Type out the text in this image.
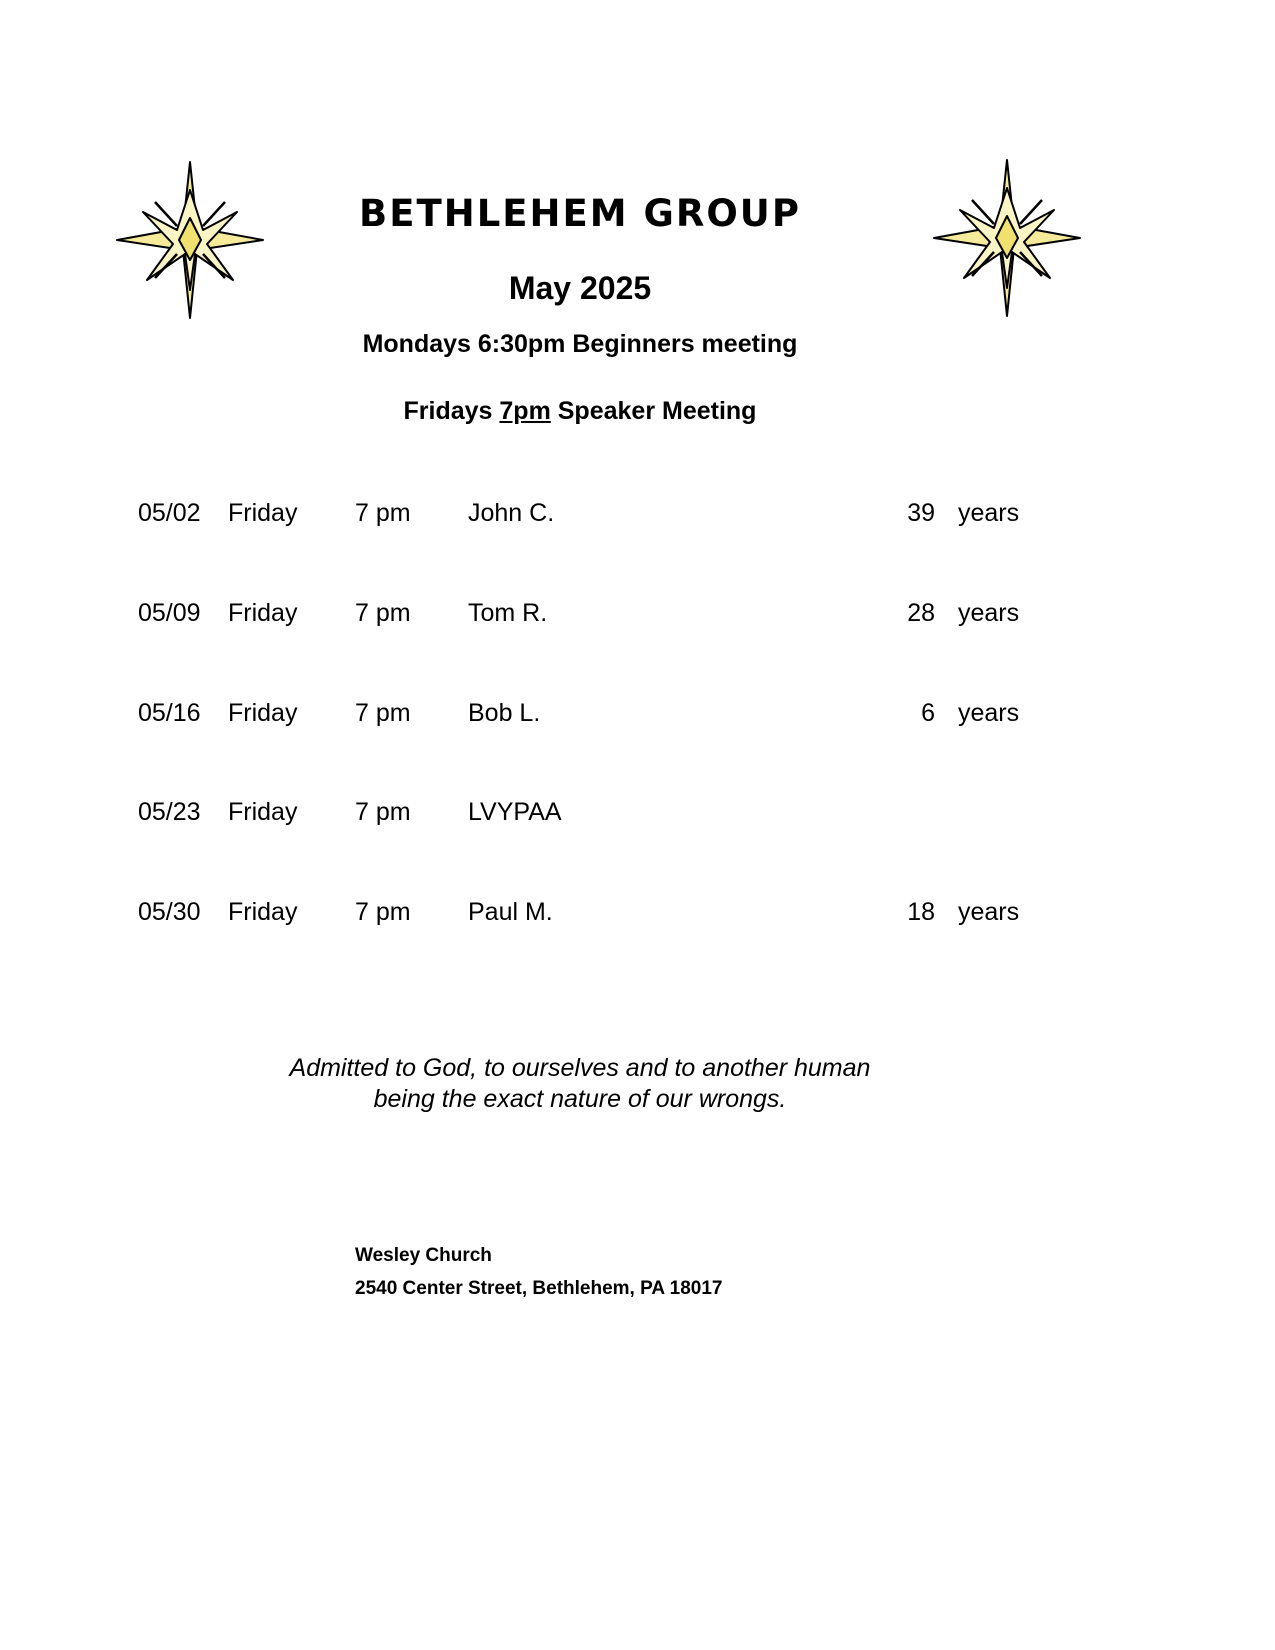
BETHLEHEM GROUP
May 2025
Mondays 6:30pm Beginners meeting
Fridays 7pm Speaker Meeting
05/02 Friday 7 pm John C.	39 years
05/09 Friday 7 pm Tom R.	28 years
05/16 Friday 7 pm Bob L.	6 years
05/23 Friday 7 pm LVYPAA
05/30 Friday 7 pm Paul M.	18 years
Admitted to God, to ourselves and to another human
being the exact nature of our wrongs.
Wesley Church
2540 Center Street, Bethlehem, PA 18017
